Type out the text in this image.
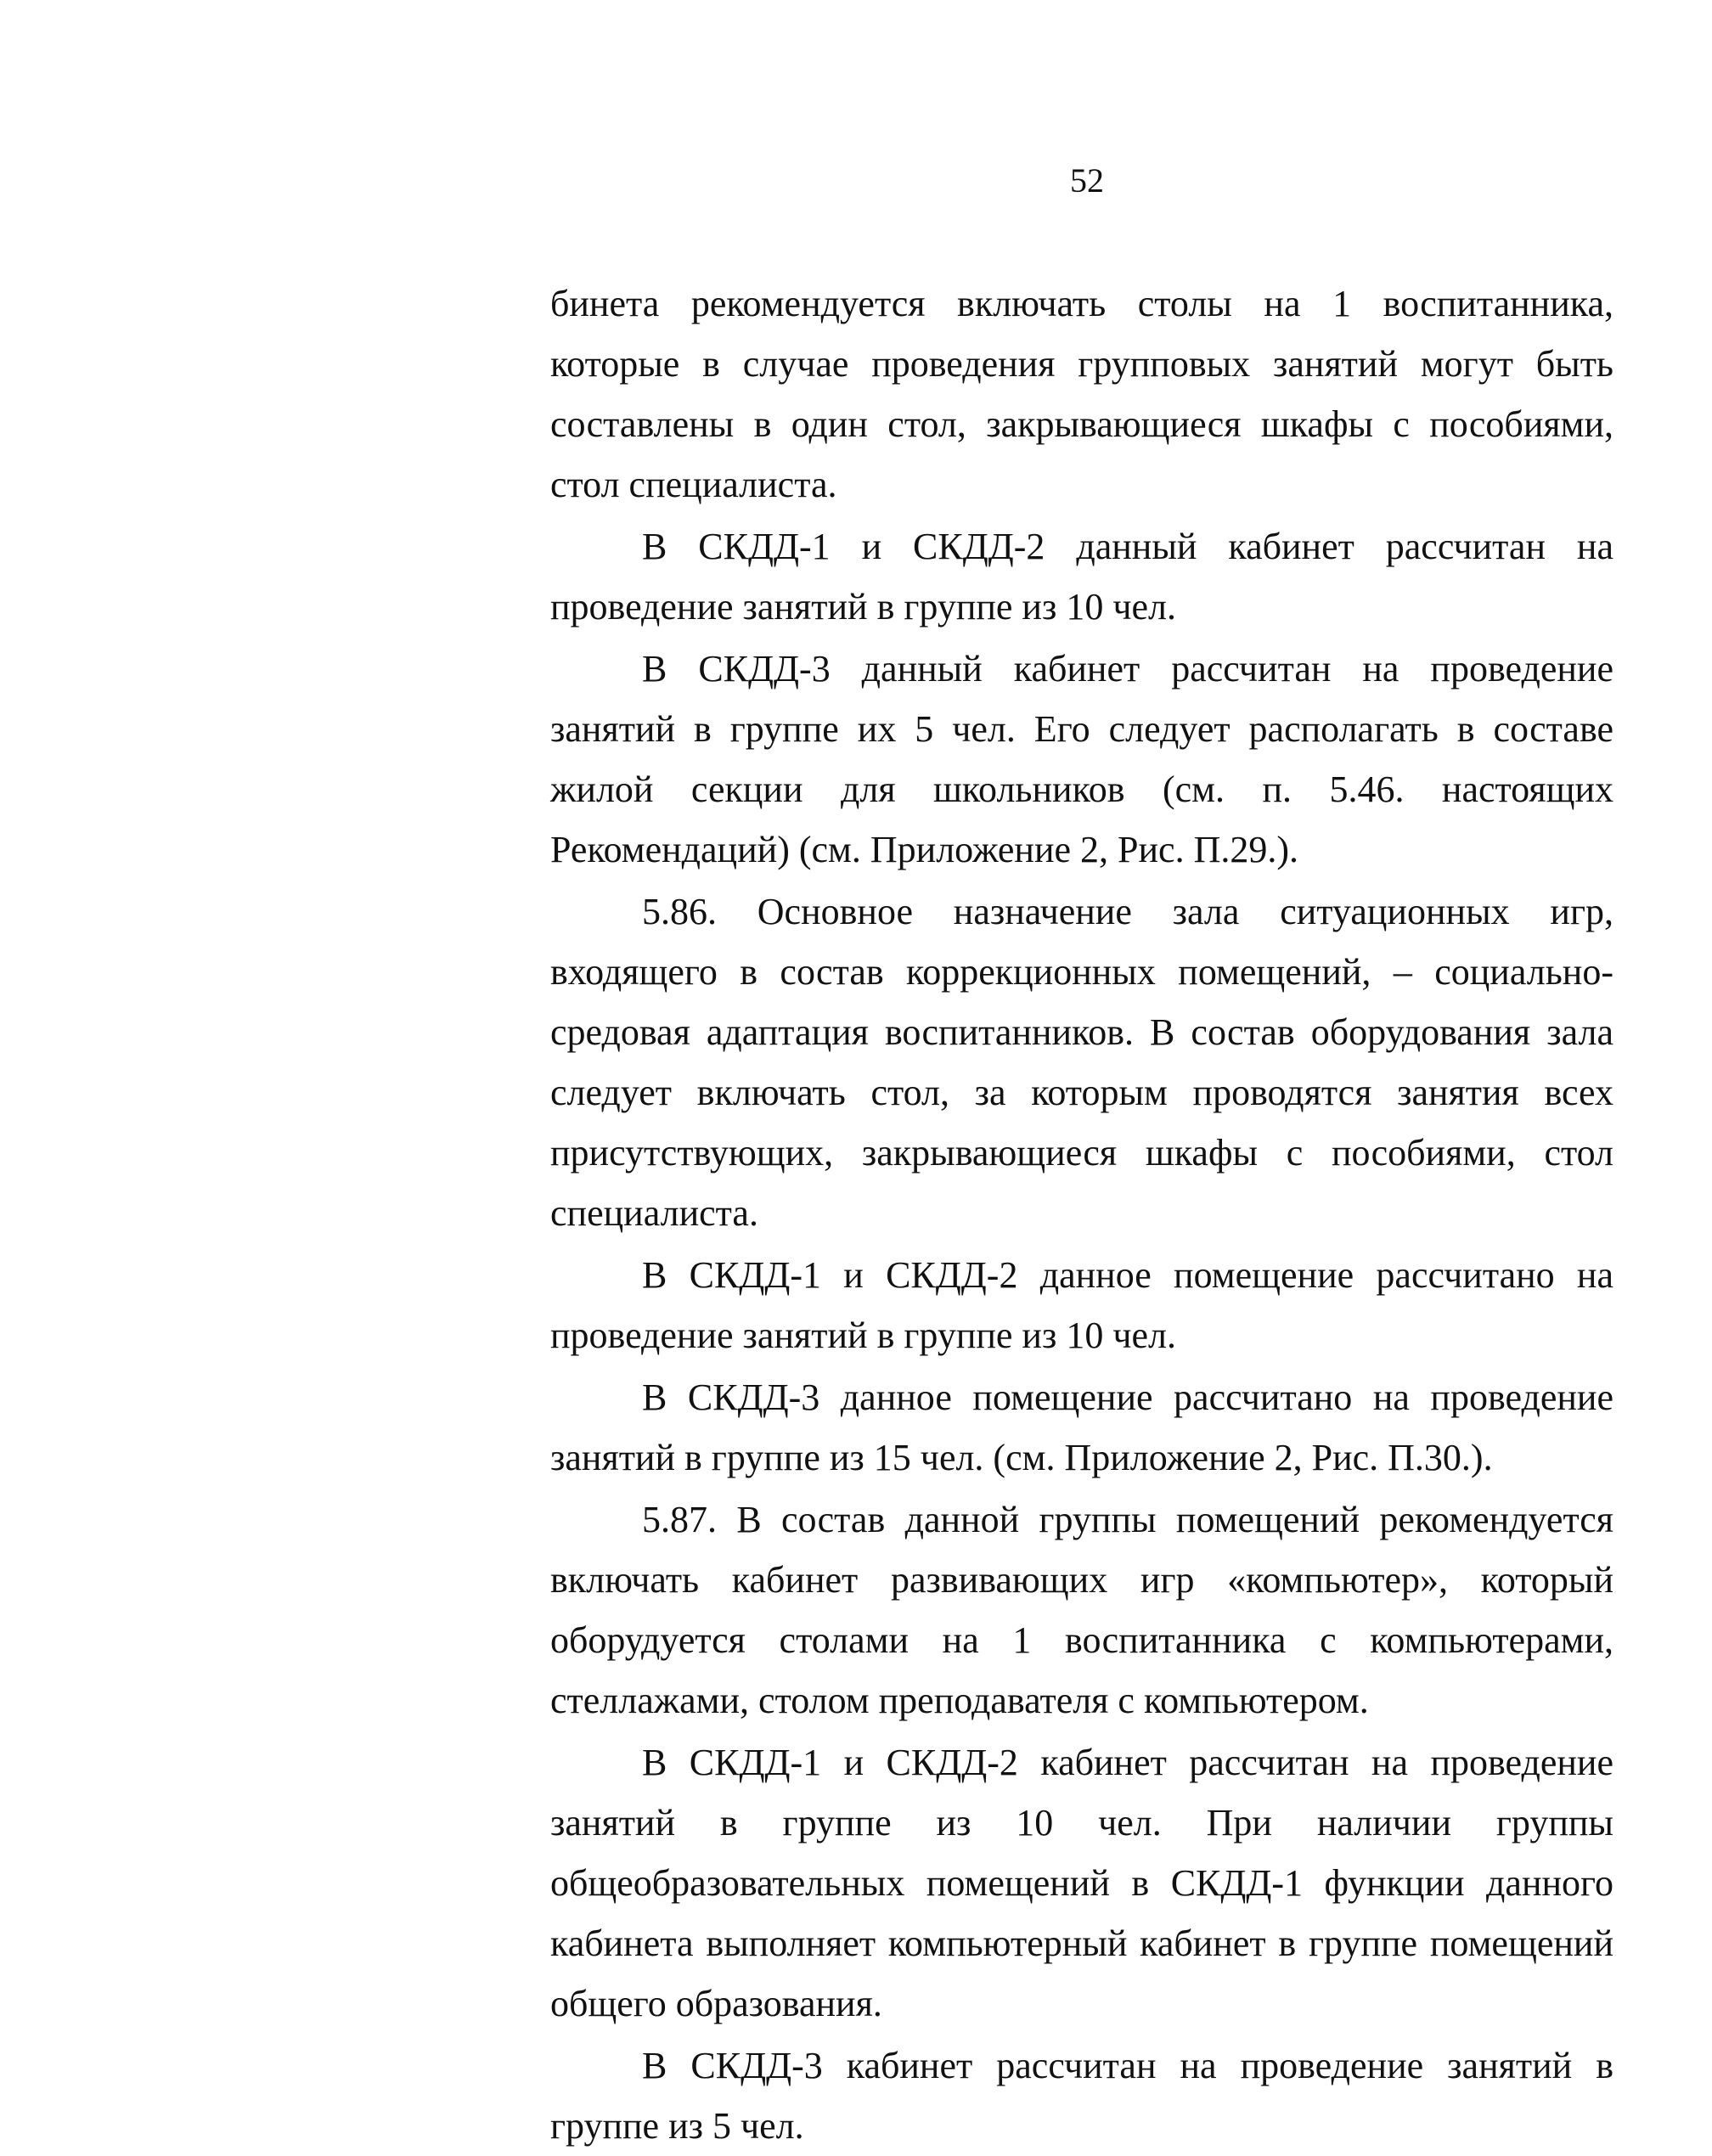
52

бинета рекомендуется включать столы на 1 воспитанника, которые в случае проведения групповых занятий могут быть составлены в один стол, закрывающиеся шкафы с пособиями, стол специалиста.

В СКДД-1 и СКДД-2 данный кабинет рассчитан на проведение занятий в группе из 10 чел.

В СКДД-3 данный кабинет рассчитан на проведение занятий в группе их 5 чел. Его следует располагать в составе жилой секции для школьников (см. п. 5.46. настоящих Рекомендаций) (см. Приложение 2, Рис. П.29.).

5.86. Основное назначение зала ситуационных игр, входящего в состав коррекционных помещений, – социально-средовая адаптация воспитанников. В состав оборудования зала следует включать стол, за которым проводятся занятия всех присутствующих, закрывающиеся шкафы с пособиями, стол специалиста.

В СКДД-1 и СКДД-2 данное помещение рассчитано на проведение занятий в группе из 10 чел.

В СКДД-3 данное помещение рассчитано на проведение занятий в группе из 15 чел. (см. Приложение 2, Рис. П.30.).

5.87. В состав данной группы помещений рекомендуется включать кабинет развивающих игр «компьютер», который оборудуется столами на 1 воспитанника с компьютерами, стеллажами, столом преподавателя с компьютером.

В СКДД-1 и СКДД-2 кабинет рассчитан на проведение занятий в группе из 10 чел. При наличии группы общеобразовательных помещений в СКДД-1 функции данного кабинета выполняет компьютерный кабинет в группе помещений общего образования.

В СКДД-3 кабинет рассчитан на проведение занятий в группе из 5 чел.
